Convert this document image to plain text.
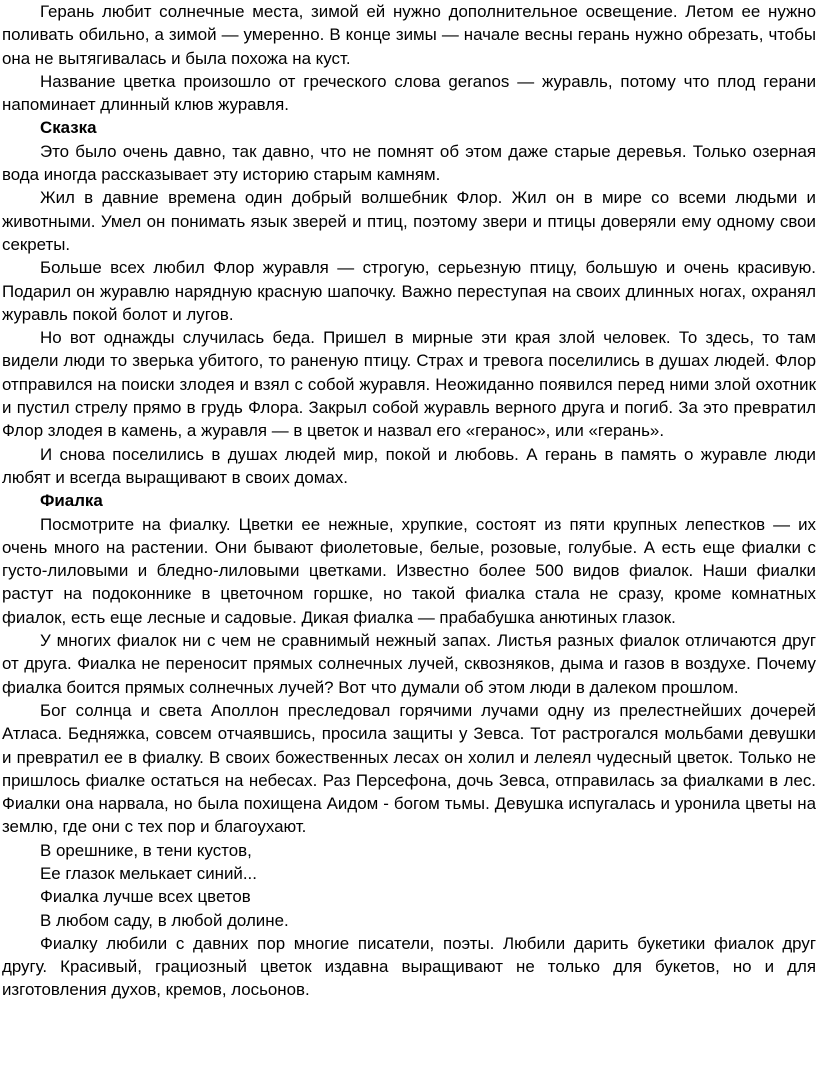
Герань любит солнечные места, зимой ей нужно дополнительное освещение. Летом ее нужно поливать обильно, а зимой — умеренно. В конце зимы — начале весны герань нужно обрезать, чтобы она не вытягивалась и была похожа на куст.

Название цветка произошло от греческого слова geranos — журавль, потому что плод герани напоминает длинный клюв журавля.

Сказка

Это было очень давно, так давно, что не помнят об этом даже старые деревья. Только озерная вода иногда рассказывает эту историю старым камням.

Жил в давние времена один добрый волшебник Флор. Жил он в мире со всеми людьми и животными. Умел он понимать язык зверей и птиц, поэтому звери и птицы доверяли ему одному свои секреты.

Больше всех любил Флор журавля — строгую, серьезную птицу, большую и очень красивую. Подарил он журавлю нарядную красную шапочку. Важно переступая на своих длинных ногах, охранял журавль покой болот и лугов.

Но вот однажды случилась беда. Пришел в мирные эти края злой человек. То здесь, то там видели люди то зверька убитого, то раненую птицу. Страх и тревога поселились в душах людей. Флор отправился на поиски злодея и взял с собой журавля. Неожиданно появился перед ними злой охотник и пустил стрелу прямо в грудь Флора. Закрыл собой журавль верного друга и погиб. За это превратил Флор злодея в камень, а журавля — в цветок и назвал его «геранос», или «герань».

И снова поселились в душах людей мир, покой и любовь. А герань в память о журавле люди любят и всегда выращивают в своих домах.

Фиалка

Посмотрите на фиалку. Цветки ее нежные, хрупкие, состоят из пяти крупных лепестков — их очень много на растении. Они бывают фиолетовые, белые, розовые, голубые. А есть еще фиалки с густо-лиловыми и бледно-лиловыми цветками. Известно более 500 видов фиалок. Наши фиалки растут на подоконнике в цветочном горшке, но такой фиалка стала не сразу, кроме комнатных фиалок, есть еще лесные и садовые. Дикая фиалка — прабабушка анютиных глазок.

У многих фиалок ни с чем не сравнимый нежный запах. Листья разных фиалок отличаются друг от друга. Фиалка не переносит прямых солнечных лучей, сквозняков, дыма и газов в воздухе. Почему фиалка боится прямых солнечных лучей? Вот что думали об этом люди в далеком прошлом.

Бог солнца и света Аполлон преследовал горячими лучами одну из прелестнейших дочерей Атласа. Бедняжка, совсем отчаявшись, просила защиты у Зевса. Тот растрогался мольбами девушки и превратил ее в фиалку. В своих божественных лесах он холил и лелеял чудесный цветок. Только не пришлось фиалке остаться на небесах. Раз Персефона, дочь Зевса, отправилась за фиалками в лес. Фиалки она нарвала, но была похищена Аидом - богом тьмы. Девушка испугалась и уронила цветы на землю, где они с тех пор и благоухают.

В орешнике, в тени кустов,

Ее глазок мелькает синий...

Фиалка лучше всех цветов

В любом саду, в любой долине.

Фиалку любили с давних пор многие писатели, поэты. Любили дарить букетики фиалок друг другу. Красивый, грациозный цветок издавна выращивают не только для букетов, но и для изготовления духов, кремов, лосьонов.
